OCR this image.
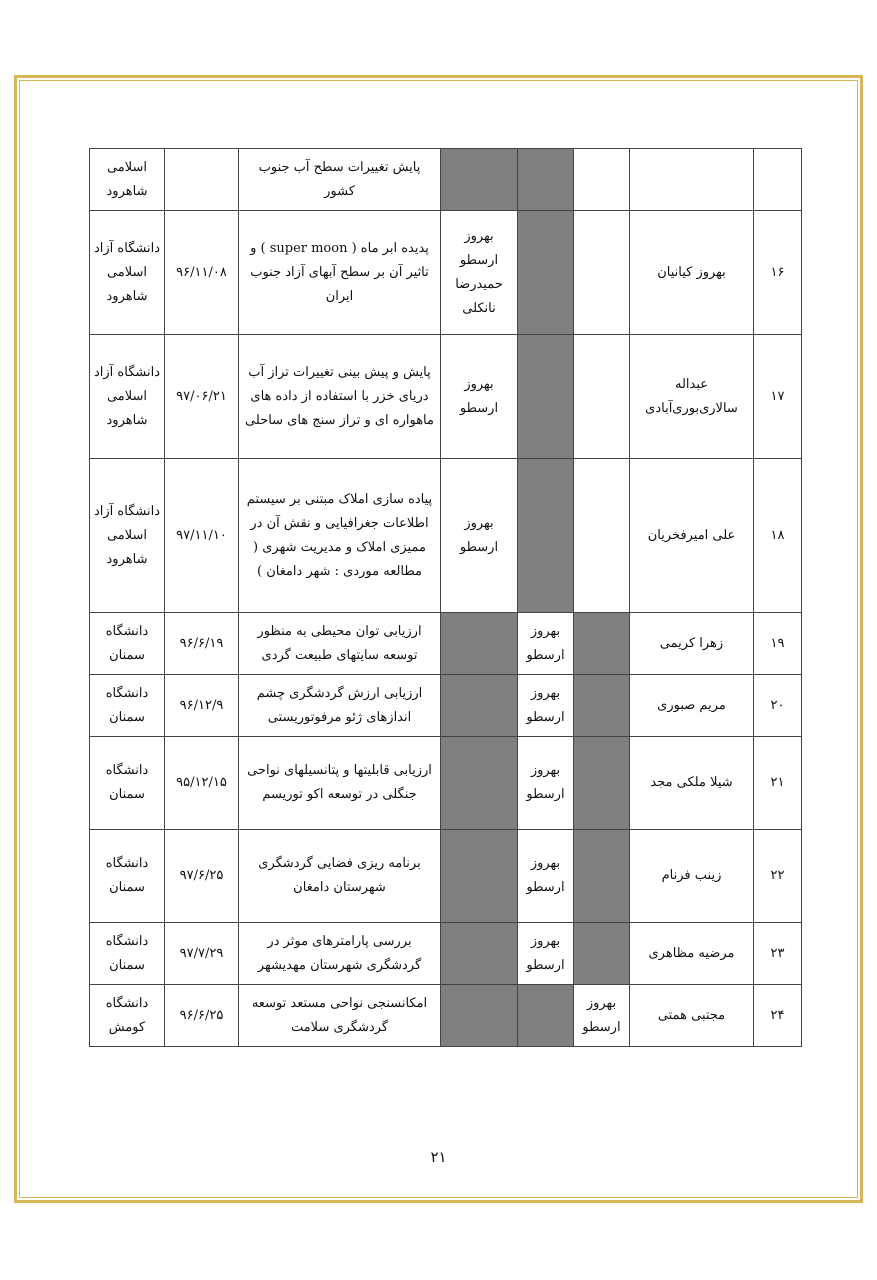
					پایش تغییرات سطح آب جنوب کشور		اسلامی شاهرود
۱۶	بهروز کیانیان			بهروز ارسطو حمیدرضا نانکلی	پدیده ابر ماه ( super moon ) و تاثیر آن بر سطح آبهای آزاد جنوب ایران	۹۶/۱۱/۰۸	دانشگاه آزاد اسلامی شاهرود
۱۷	عبداله سالاری‌بوری‌آبادی			بهروز ارسطو	پایش و پیش بینی تغییرات تراز آب دریای خزر با استفاده از داده های ماهواره ای و تراز سنج های ساحلی	۹۷/۰۶/۲۱	دانشگاه آزاد اسلامی شاهرود
۱۸	علی امیرفخریان			بهروز ارسطو	پیاده سازی املاک مبتنی بر سیستم اطلاعات جغرافیایی و نقش آن در ممیزی املاک و مدیریت شهری ( مطالعه موردی : شهر دامغان )	۹۷/۱۱/۱۰	دانشگاه آزاد اسلامی شاهرود
۱۹	زهرا کریمی		بهروز ارسطو		ارزیابی توان محیطی به منظور توسعه سایتهای طبیعت گردی	۹۶/۶/۱۹	دانشگاه سمنان
۲۰	مریم صبوری		بهروز ارسطو		ارزیابی ارزش گردشگری چشم اندازهای ژئو مرفوتوریستی	۹۶/۱۲/۹	دانشگاه سمنان
۲۱	شیلا ملکی مجد		بهروز ارسطو		ارزیابی قابلیتها و پتانسیلهای نواحی جنگلی در توسعه اکو توریسم	۹۵/۱۲/۱۵	دانشگاه سمنان
۲۲	زینب فرنام		بهروز ارسطو		برنامه ریزی فضایی گردشگری شهرستان دامغان	۹۷/۶/۲۵	دانشگاه سمنان
۲۳	مرضیه مظاهری		بهروز ارسطو		بررسی پارامترهای موثر در گردشگری شهرستان مهدیشهر	۹۷/۷/۲۹	دانشگاه سمنان
۲۴	مجتبی همتی	بهروز ارسطو			امکانسنجی نواحی مستعد توسعه گردشگری سلامت	۹۶/۶/۲۵	دانشگاه کومش
۲۱
